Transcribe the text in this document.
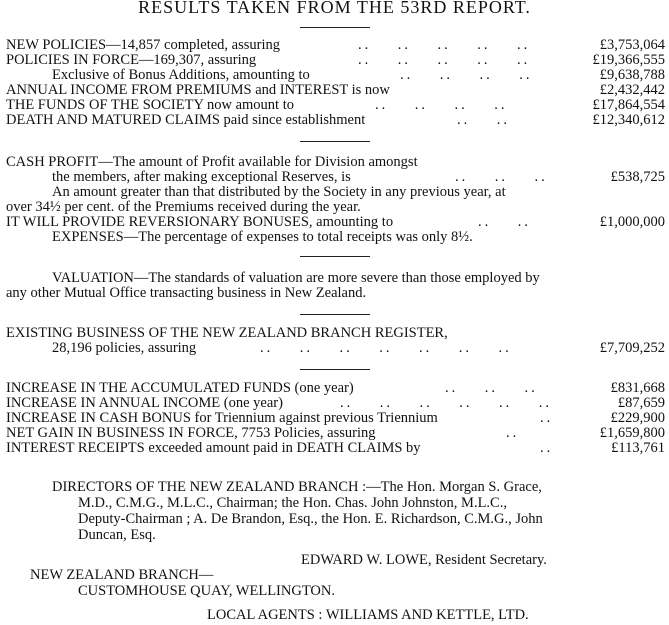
RESULTS TAKEN FROM THE 53RD REPORT.
NEW POLICIES—14,857 completed, assuring	..    ..    ..    ..    ..	£3,753,064
POLICIES IN FORCE—169,307, assuring	..    ..    ..    ..    ..	£19,366,555
Exclusive of Bonus Additions, amounting to	..    ..    ..    ..	£9,638,788
ANNUAL INCOME FROM PREMIUMS and INTEREST is now	£2,432,442
THE FUNDS OF THE SOCIETY now amount to	..    ..    ..    ..	£17,864,554
DEATH AND MATURED CLAIMS paid since establishment	..    ..	£12,340,612
CASH PROFIT—The amount of Profit available for Division amongst
the members, after making exceptional Reserves, is	..    ..    ..	£538,725
An amount greater than that distributed by the Society in any previous year, at
over 34½ per cent. of the Premiums received during the year.
IT WILL PROVIDE REVERSIONARY BONUSES, amounting to	..    ..	£1,000,000
EXPENSES—The percentage of expenses to total receipts was only 8½.
VALUATION—The standards of valuation are more severe than those employed by
any other Mutual Office transacting business in New Zealand.
EXISTING BUSINESS OF THE NEW ZEALAND BRANCH REGISTER,
28,196 policies, assuring	..    ..    ..    ..    ..    ..    ..	£7,709,252
INCREASE IN THE ACCUMULATED FUNDS (one year)	..    ..    ..	£831,668
INCREASE IN ANNUAL INCOME (one year)	..    ..    ..    ..    ..    ..	£87,659
INCREASE IN CASH BONUS for Triennium against previous Triennium	..	£229,900
NET GAIN IN BUSINESS IN FORCE, 7753 Policies, assuring	..	£1,659,800
INTEREST RECEIPTS exceeded amount paid in DEATH CLAIMS by	..	£113,761
DIRECTORS OF THE NEW ZEALAND BRANCH :—The Hon. Morgan S. Grace,
M.D., C.M.G., M.L.C., Chairman; the Hon. Chas. John Johnston, M.L.C.,
Deputy-Chairman ; A. De Brandon, Esq., the Hon. E. Richardson, C.M.G., John
Duncan, Esq.
EDWARD W. LOWE, Resident Secretary.
NEW ZEALAND BRANCH—
CUSTOMHOUSE QUAY, WELLINGTON.
LOCAL AGENTS : WILLIAMS AND KETTLE, LTD.
